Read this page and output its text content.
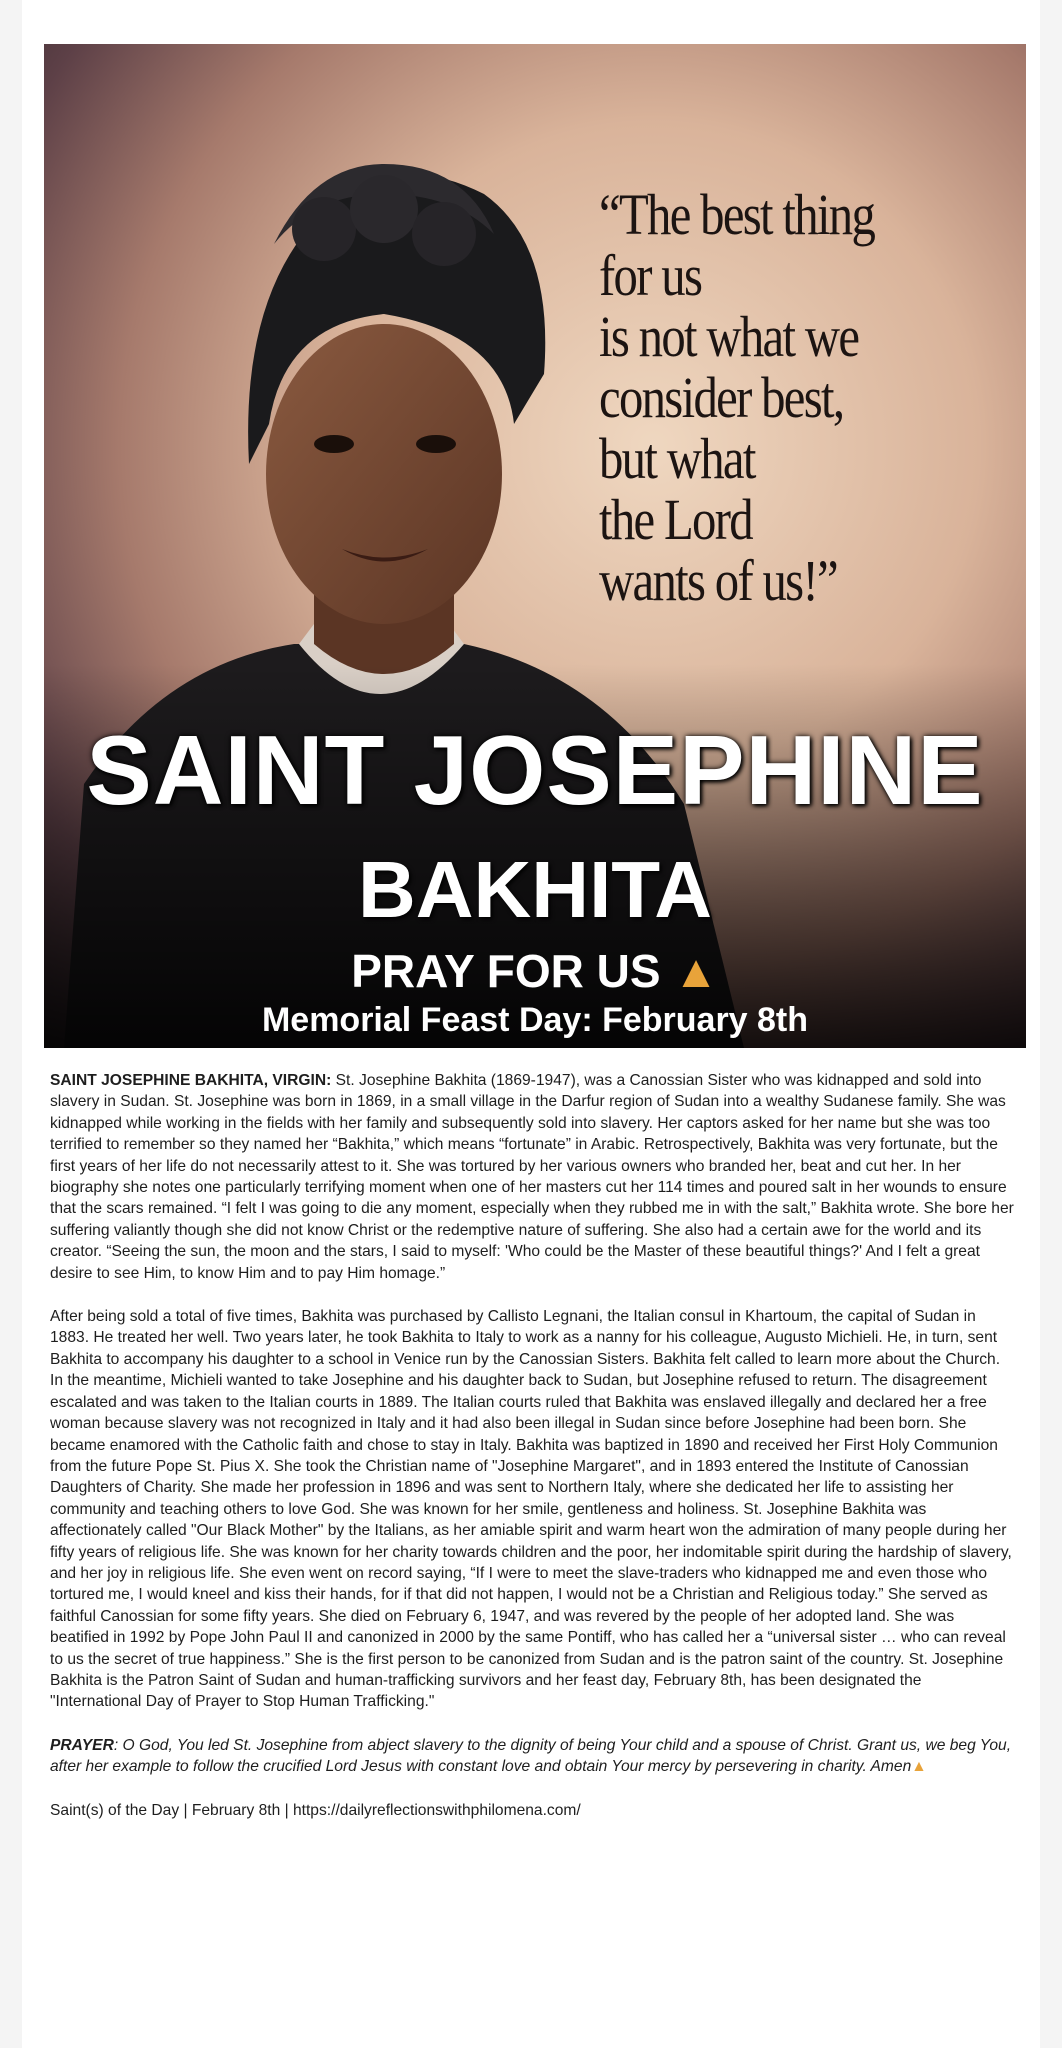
“The best thing
for us
is not what we
consider best,
but what
the Lord
wants of us!”
SAINT JOSEPHINE
BAKHITA
PRAY FOR US ▲
Memorial Feast Day: February 8th

SAINT JOSEPHINE BAKHITA, VIRGIN: St. Josephine Bakhita (1869-1947), was a Canossian Sister who was kidnapped and sold into slavery in Sudan. St. Josephine was born in 1869, in a small village in the Darfur region of Sudan into a wealthy Sudanese family. She was kidnapped while working in the fields with her family and subsequently sold into slavery. Her captors asked for her name but she was too terrified to remember so they named her “Bakhita,” which means “fortunate” in Arabic. Retrospectively, Bakhita was very fortunate, but the first years of her life do not necessarily attest to it. She was tortured by her various owners who branded her, beat and cut her. In her biography she notes one particularly terrifying moment when one of her masters cut her 114 times and poured salt in her wounds to ensure that the scars remained. “I felt I was going to die any moment, especially when they rubbed me in with the salt,” Bakhita wrote. She bore her suffering valiantly though she did not know Christ or the redemptive nature of suffering. She also had a certain awe for the world and its creator. “Seeing the sun, the moon and the stars, I said to myself: 'Who could be the Master of these beautiful things?' And I felt a great desire to see Him, to know Him and to pay Him homage.”

After being sold a total of five times, Bakhita was purchased by Callisto Legnani, the Italian consul in Khartoum, the capital of Sudan in 1883. He treated her well. Two years later, he took Bakhita to Italy to work as a nanny for his colleague, Augusto Michieli. He, in turn, sent Bakhita to accompany his daughter to a school in Venice run by the Canossian Sisters. Bakhita felt called to learn more about the Church. In the meantime, Michieli wanted to take Josephine and his daughter back to Sudan, but Josephine refused to return. The disagreement escalated and was taken to the Italian courts in 1889. The Italian courts ruled that Bakhita was enslaved illegally and declared her a free woman because slavery was not recognized in Italy and it had also been illegal in Sudan since before Josephine had been born. She became enamored with the Catholic faith and chose to stay in Italy. Bakhita was baptized in 1890 and received her First Holy Communion from the future Pope St. Pius X. She took the Christian name of "Josephine Margaret", and in 1893 entered the Institute of Canossian Daughters of Charity. She made her profession in 1896 and was sent to Northern Italy, where she dedicated her life to assisting her community and teaching others to love God. She was known for her smile, gentleness and holiness. St. Josephine Bakhita was affectionately called "Our Black Mother" by the Italians, as her amiable spirit and warm heart won the admiration of many people during her fifty years of religious life. She was known for her charity towards children and the poor, her indomitable spirit during the hardship of slavery, and her joy in religious life. She even went on record saying, “If I were to meet the slave-traders who kidnapped me and even those who tortured me, I would kneel and kiss their hands, for if that did not happen, I would not be a Christian and Religious today.” She served as faithful Canossian for some fifty years. She died on February 6, 1947, and was revered by the people of her adopted land. She was beatified in 1992 by Pope John Paul II and canonized in 2000 by the same Pontiff, who has called her a “universal sister … who can reveal to us the secret of true happiness.” She is the first person to be canonized from Sudan and is the patron saint of the country. St. Josephine Bakhita is the Patron Saint of Sudan and human-trafficking survivors and her feast day, February 8th, has been designated the "International Day of Prayer to Stop Human Trafficking."

PRAYER: O God, You led St. Josephine from abject slavery to the dignity of being Your child and a spouse of Christ. Grant us, we beg You, after her example to follow the crucified Lord Jesus with constant love and obtain Your mercy by persevering in charity. Amen▲

Saint(s) of the Day | February 8th | https://dailyreflectionswithphilomena.com/
